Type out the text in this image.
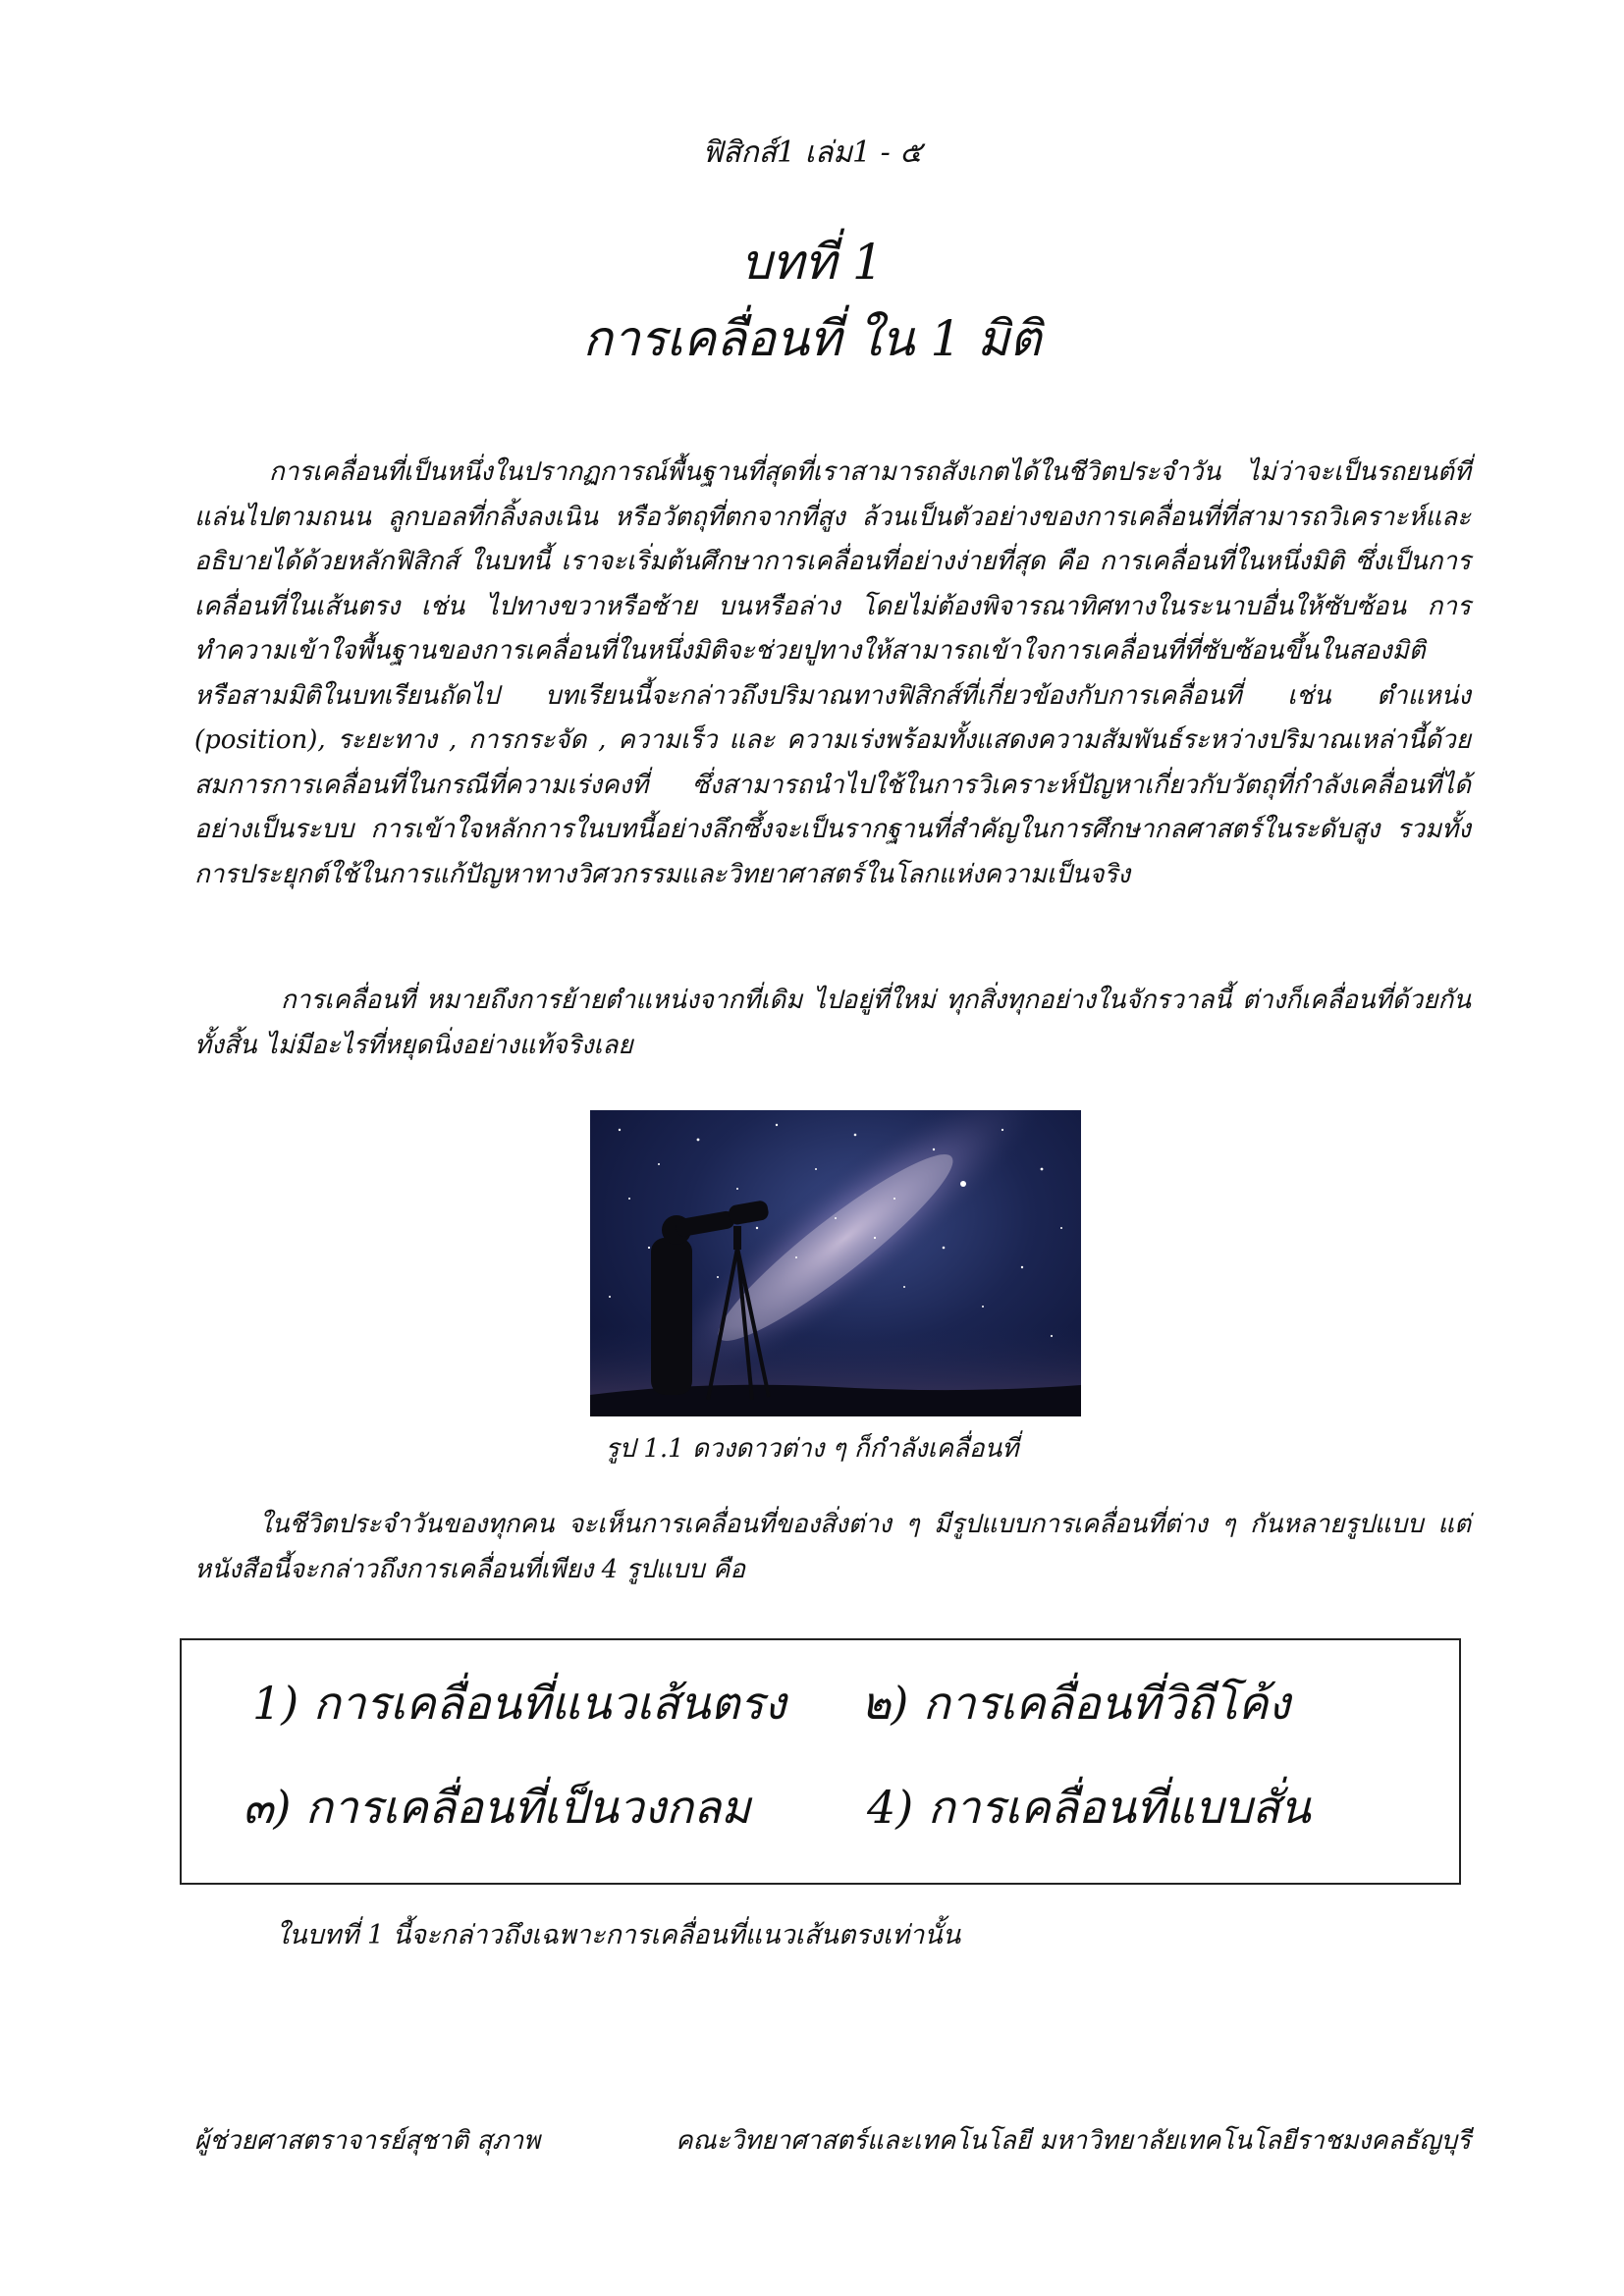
ฟิสิกส์1 เล่ม1 - ๕
บทที่ 1
การเคลื่อนที่ ใน 1 มิติ

การเคลื่อนที่เป็นหนึ่งในปรากฏการณ์พื้นฐานที่สุดที่เราสามารถสังเกตได้ในชีวิตประจำวัน ไม่ว่าจะเป็นรถยนต์ที่แล่นไปตามถนน ลูกบอลที่กลิ้งลงเนิน หรือวัตถุที่ตกจากที่สูง ล้วนเป็นตัวอย่างของการเคลื่อนที่ที่สามารถวิเคราะห์และอธิบายได้ด้วยหลักฟิสิกส์ ในบทนี้ เราจะเริ่มต้นศึกษาการเคลื่อนที่อย่างง่ายที่สุด คือ การเคลื่อนที่ในหนึ่งมิติ ซึ่งเป็นการเคลื่อนที่ในเส้นตรง เช่น ไปทางขวาหรือซ้าย บนหรือล่าง โดยไม่ต้องพิจารณาทิศทางในระนาบอื่นให้ซับซ้อน การทำความเข้าใจพื้นฐานของการเคลื่อนที่ในหนึ่งมิติจะช่วยปูทางให้สามารถเข้าใจการเคลื่อนที่ที่ซับซ้อนขึ้นในสองมิติหรือสามมิติในบทเรียนถัดไป บทเรียนนี้จะกล่าวถึงปริมาณทางฟิสิกส์ที่เกี่ยวข้องกับการเคลื่อนที่ เช่น ตำแหน่ง (position), ระยะทาง , การกระจัด , ความเร็ว และ ความเร่งพร้อมทั้งแสดงความสัมพันธ์ระหว่างปริมาณเหล่านี้ด้วยสมการการเคลื่อนที่ในกรณีที่ความเร่งคงที่ ซึ่งสามารถนำไปใช้ในการวิเคราะห์ปัญหาเกี่ยวกับวัตถุที่กำลังเคลื่อนที่ได้อย่างเป็นระบบ การเข้าใจหลักการในบทนี้อย่างลึกซึ้งจะเป็นรากฐานที่สำคัญในการศึกษากลศาสตร์ในระดับสูง รวมทั้งการประยุกต์ใช้ในการแก้ปัญหาทางวิศวกรรมและวิทยาศาสตร์ในโลกแห่งความเป็นจริง

การเคลื่อนที่ หมายถึงการย้ายตำแหน่งจากที่เดิม ไปอยู่ที่ใหม่ ทุกสิ่งทุกอย่างในจักรวาลนี้ ต่างก็เคลื่อนที่ด้วยกันทั้งสิ้น ไม่มีอะไรที่หยุดนิ่งอย่างแท้จริงเลย

รูป 1.1 ดวงดาวต่าง ๆ ก็กำลังเคลื่อนที่

ในชีวิตประจำวันของทุกคน จะเห็นการเคลื่อนที่ของสิ่งต่าง ๆ มีรูปแบบการเคลื่อนที่ต่าง ๆ กันหลายรูปแบบ แต่หนังสือนี้จะกล่าวถึงการเคลื่อนที่เพียง 4 รูปแบบ คือ

1) การเคลื่อนที่แนวเส้นตรง ๒) การเคลื่อนที่วิถีโค้ง
๓) การเคลื่อนที่เป็นวงกลม	4) การเคลื่อนที่แบบสั่น
ในบทที่ 1 นี้จะกล่าวถึงเฉพาะการเคลื่อนที่แนวเส้นตรงเท่านั้น
ผู้ช่วยศาสตราจารย์สุชาติ สุภาพ	คณะวิทยาศาสตร์และเทคโนโลยี มหาวิทยาลัยเทคโนโลยีราชมงคลธัญบุรี
